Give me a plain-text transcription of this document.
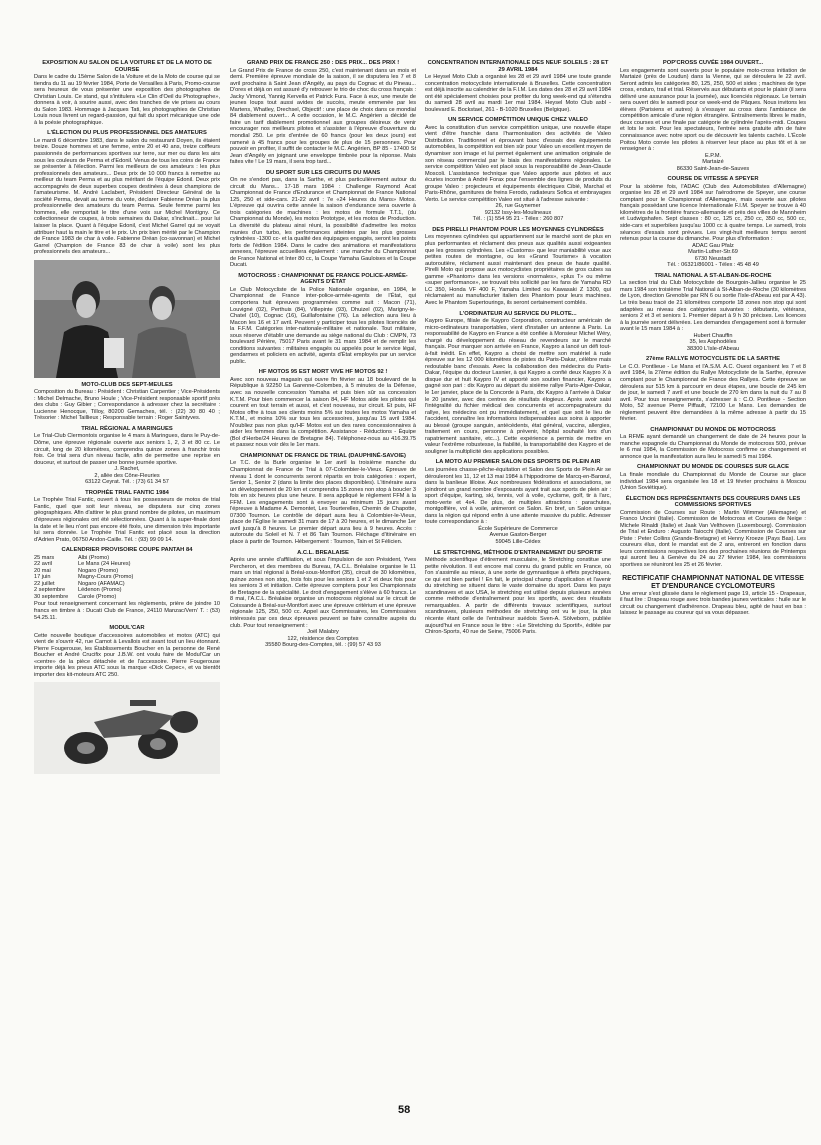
EXPOSITION AU SALON DE LA VOITURE ET DE LA MOTO DE COURSE

Dans le cadre du 15ème Salon de la Voiture et de la Moto de course qui se tiendra du 11 au 19 février 1984, Porte de Versailles à Paris, Promo-course sera heureux de vous présenter une exposition des photographes de Christian Louis. Ce stand, qui s'intitulera «Le Clin d'Oeil du Photographe», donnera à voir, à sourire aussi, avec des tranches de vie prises au cours du Salon 1983. Hommage à Jacques Tati, les photographies de Christian Louis nous livrent un regard-passion, qui fait du sport mécanique une ode à la poésie photographique.

L'ÉLECTION DU PLUS PROFESSIONNEL DES AMATEURS

Le mardi 6 décembre 1983, dans le salon du restaurant Doyen, ils étaient treize. Douze hommes et une femme, entre 20 et 40 ans, treize coiffeurs passionnés de performances sportives sur terre, sur mer ou dans les airs sous les couleurs de Perma et d'Edonil. Venus de tous les coins de France se présenter à l'élection. Parmi les meilleurs de ces amateurs : les plus professionnels des amateurs... Deux prix de 10 000 francs à remettre au meilleur du team Perma et au plus méritant de l'équipe Edonil. Deux prix accompagnés de deux superbes coupes destinées à deux champions de l'amateurisme. M. André Laclabert, Président Directeur Général de la société Perma, devait au terme du vote, déclarer Fabienne Dréan la plus professionnelle des amateurs du team Perma. Seule femme parmi les hommes, elle remportait le titre d'une voix sur Michel Montigny. Ce collectionneur de coupes, à trois semaines du Dakar, s'inclinait... pour lui laisser la place. Quant à l'équipe Edonil, c'est Michel Garrel qui se voyait attribuer haut la main le titre et le prix. Un prix bien mérité par le Champion de France 1983 de char à voile. Fabienne Dréan (co-savonnan) et Michel Garrel (Champion de France 83 de char à voile) sont les plus professionnels des amateurs...

MOTO-CLUB DES SEPT-MEULES

Composition du Bureau : Président : Christian Carpentier ; Vice-Présidents : Michel Delmache, Bruno Houle ; Vice-Président responsable sportif près des clubs : Guy Gibier ; Correspondance à adresser chez la secrétaire : Lucienne Henocque, Tilloy, 80200 Gemaches, tél. : (22) 30 80 40 ; Trésorier : Michel Taillieux ; Responsable terrain : Roger Saintyves.

TRIAL RÉGIONAL A MARINGUES

Le Trial-Club Clermontois organise le 4 mars à Maringues, dans le Puy-de-Dôme, une épreuve régionale ouverte aux seniors 1, 2, 3 et 80 cc. Le circuit, long de 20 kilomètres, comprendra quinze zones à franchir trois fois. Ce trial sera d'un niveau facile, afin de permettre une reprise en douceur, et surtout de passer une bonne journée sportive.

J. Rachet,

2, allée des Cône-Fleuries

63122 Ceyrat. Tél. : (73) 61 34 57

TROPHÉE TRIAL FANTIC 1984

Le Trophée Trial Fantic, ouvert à tous les possesseurs de motos de trial Fantic, quel que soit leur niveau, se disputera sur cinq zones géographiques. Afin d'attirer le plus grand nombre de pilotes, un maximum d'épreuves régionales ont été sélectionnées. Quant à la super-finale dont la date et le lieu n'ont pas encore été fixés, une dimension très importante lui sera donnée. Le Trophée Trial Fantic est placé sous la direction d'Adrien Prato, 06750 Andon-Caille. Tél. : (93) 99 09 14.

CALENDRIER PROVISOIRE COUPE PANTAH 84
25 mars	Albi (Promo)
22 avril	Le Mans (24 Heures)
20 mai	Nogaro (Promo)
17 juin	Magny-Cours (Promo)
22 juillet	Nogaro (AFAMAC)
2 septembre	Lédenon (Promo)
30 septembre	Carole (Promo)

Pour tout renseignement concernant les règlements, prière de joindre 10 francs en timbre à : Ducati Club de France, 24110 Manzac/Vern' T. : (53) 54.25.11.

MODUL'CAR

Cette nouvelle boutique d'accessoires automobiles et motos (ATC) qui vient de s'ouvrir 42, rue Carnot à Levallois est avant tout un lieu étonnant. Pierre Fougerouse, les Établissements Boucher en la personne de René Boucher et André Crucifix pour J.B.W. ont voulu faire de Modul'Car un «centre» de la pièce détachée et de l'accessoire. Pierre Fougerouse importe déjà les pneus ATC sous la marque «Dick Cepec», et va bientôt importer des kit-moteurs ATC 250.

GRAND PRIX DE FRANCE 250 : DES PRIX... DES PRIX !

Le Grand Prix de France de cross 250, c'est maintenant dans un mois et demi. Première épreuve mondiale de la saison, il se disputera les 7 et 8 avril prochains à Saint Jean d'Angély, au pays du Cognac et du Pineau... D'ores et déjà on est assuré d'y retrouver le trio de choc du cross français : Jacky Vimond, Yannig Kervella et Patrick Fura. Face à eux, une meute de jeunes loups tout aussi avides de succès, meute emmenée par les Martens, Whatley, Drechsel, Objectif : une place de choix dans ce mondial 84 diablement ouvert... A cette occasion, le M.C. Angérien a décidé de faire un tarif diablement promotionnel aux groupes désireux de venir encourager nos meilleurs pilotes et s'assister à l'épreuve d'ouverture du mondial 250. Le prix d'entrée de 60 francs (pour les deux jours) est ramené à 45 francs pour les groupes de plus de 15 personnes. Pour pouvoir en profiter, il suffit de contacter le M.C. Angérien, BP 85 - 17400 St Jean d'Angély en joignant une enveloppe timbrée pour la réponse. Mais faites vite ! Le 19 mars, il sera trop tard...

DU SPORT SUR LES CIRCUITS DU MANS

On ne s'endort pas, dans la Sarthe, et plus particulièrement autour du circuit du Mans... 17-18 mars 1984 : Challenge Raymond Acat Championnat de France d'Endurance et Championnat de France National 125, 250 et side-cars. 21-22 avril : 7e «24 Heures du Mans» Motos. L'épreuve qui ouvrira cette année la saison d'endurance sera ouverte à trois catégories de machines : les motos de formule T.T.1, (du Championnat du Monde), les motos Prototype, et les motos de Production. La diversité du plateau ainsi réuni, la possibilité d'admettre les motos munies d'un turbo, les performances atteintes par les plus grosses cylindrées -1300 cc- et la qualité des équipages engagés, seront les points forts de l'édition 1984. Dans le cadre des animations et manifestations annexes, l'épreuve accueillera également : une manche du Championnat de France National et Inter 80 cc, la Coupe Yamaha Gauloises et la Coupe Ducati.

MOTOCROSS : CHAMPIONNAT DE FRANCE POLICE-ARMÉE-AGENTS D'ÉTAT

Le Club Motocycliste de la Police Nationale organise, en 1984, le Championnat de France inter-police-armée-agents de l'État, qui comportera huit épreuves programmées comme suit : Macon (71), Louvigné (02), Perthuis (84), Villepinte (93), Dhuizel (02), Marigny-le-Chatel (10), Cognac (16), Guillafontaine (76). La sélection aura lieu à Macon les 16 et 17 avril. Peuvent y participer tous les pilotes licenciés de la F.F.M. Catégories inter-nationale-militaire et nationale. Tout militaire, sous réserve d'établir une demande au siège national du Club : CMPN, 73 boulevard Périère, 75017 Paris avant le 31 mars 1984 et de remplir les conditions suivantes : militaires engagés ou appelés pour le service légal, gendarmes et policiers en activité, agents d'État employés par un service public.

HF MOTOS 95 EST MORT VIVE HF MOTOS 92 !

Avec son nouveau magasin qui ouvre fin février au 18 boulevard de la République à 92250 La Garenne-Colombes, à 5 minutes de la Défense, avec sa nouvelle concession Yamaha et puis bien sûr sa concession K.T.M. Pour bien commencer la saison 84, HF Motos aide les pilotes qui courent en tout terrain et aussi, et c'est nouveau, sur circuit. Et puis, HF Motos offre à tous ses clients moins 5% sur toutes les motos Yamaha et K.T.M., et moins 10% sur tous les accessoires, jusqu'au 15 avril 1984. N'oubliez pas non plus qu'HF Motos est un des rares concessionnaires à aider les femmes dans la compétition. Assistance - Réductions - Équipe (Bol d'Herbe/24 Heures de Bretagne 84). Téléphonez-nous au 416.39.75 et passez nous voir dès le 1er mars.

CHAMPIONNAT DE FRANCE DE TRIAL (DAUPHINÉ-SAVOIE)

Le T.C. de la Burle organise le 1er avril la troisième manche du Championnat de France de Trial à 07-Colombier-le-Vieux. Épreuve de niveau 1 dont le concurrents seront répartis en trois catégories : expert, Senior 1, Senior 2 (dans la limite des places disponibles). L'itinéraire aura un développement de 20 km et comprendra 15 zones non stop à boucler 3 fois en six heures plus une heure. Il sera appliqué le règlement FFM à la FFM. Les engagements sont à envoyer au minimum 15 jours avant l'épreuve à Madame A. Demontet, Les Tourterelles, Chemin de Chapotte, 07300 Tournon. Le contrôle de départ aura lieu à Colombier-le-Vieux, place de l'Église le samedi 31 mars de 17 à 20 heures, et le dimanche 1er avril jusqu'à 8 heures. Le premier départ aura lieu à 9 heures. Accès : autoroute du Soleil et N. 7 et 86 Tain Tournon. Fléchage d'itinéraire en place à partir de Tournon. Hébergement : Tournon, Tain et St Félicien.

A.C.L. BREALAISE

Après une année d'affiliation, et sous l'impulsion de son Président, Yves Percheron, et des membres du Bureau, l'A.C.L. Bréalaise organise le 11 mars un trial régional à Bréal-sous-Montfort (35), circuit de 30 kilomètres, quinze zones non stop, trois fois pour les seniors 1 et 2 et deux fois pour les seniors 3 et initiation. Cette épreuve comptera pour les Championnats de Bretagne de la spécialité. Le droit d'engagement s'élève à 60 francs. Le 8 mai, l'A.C.L. Bréalaise organise un motocross régional sur le circuit de Coissande à Bréal-sur-Montfort avec une épreuve critérium et une épreuve régionale 125, 250, 500 cc. Appel aux Commissaires, les Commissaires intéressés par ces deux épreuves peuvent se faire connaître auprès du club. Pour tout renseignement :

Joël Malabry

122, résidence des Comptes

35580 Bourg-des-Comptes, tél. : (99) 57 43 93

CONCENTRATION INTERNATIONALE DES NEUF SOLEILS : 28 ET 29 AVRIL 1984

Le Heysel Moto Club a organisé les 28 et 29 avril 1984 une toute grande concentration motocycliste internationale à Bruxelles. Cette concentration est déjà inscrite au calendrier de la F.I.M. Les dates des 28 et 29 avril 1984 ont été spécialement choisies pour profiter du long week-end qui s'étendra du samedi 28 avril au mardi 1er mai 1984. Heysel Moto Club asbl - boulevard E. Bockstael, 261 - B-1020 Bruxelles (Belgique).

UN SERVICE COMPÉTITION UNIQUE CHEZ VALEO

Avec la constitution d'un service compétition unique, une nouvelle étape vient d'être franchie dans l'harmonisation des activités de Valeo Distribution. Traditionnel et éprouvant banc d'essais des équipements automobiles, la compétition est bien sûr pour Valeo un excellent moyen de dynamiser son image et lui permet également une animation originale de son réseau commercial par le biais des manifestations régionales. Le service compétition Valeo est placé sous la responsabilité de Jean-Claude Moscoli. L'assistance technique que Valeo apporte aux pilotes et aux écuries incombe à André Forax pour l'ensemble des lignes de produits du groupe Valeo : projecteurs et équipements électriques Cibié, Marchal et Paris-Rhône, garnitures de freins Ferodo, radiateurs Sofica et embrayages Verto. Le service compétition Valeo est situé à l'adresse suivante :

26, rue Guynemer

92132 Issy-les-Moulineaux

Tél. : (1) 554 95 21 - Télex : 260 807

DES PIRELLI PHANTOM POUR LES MOYENNES CYLINDRÉES

Les moyennes cylindrées qui appartiennent sur le marché sont de plus en plus performantes et réclament des pneus aux qualités aussi exigeantes que les grosses cylindrées. Les «Customs» que leur maniabilité voue aux petites routes de montagne, ou les «Grand Tourisme» à vocation autoroutière, réclament aussi maintenant des pneus de haute qualité. Pirelli Moto qui propose aux motocyclistes propriétaires de gros cubes sa gamme «Phantom» dans les versions «normales», «plus T» ou même «super performance», se trouvait très sollicité par les fans de Yamaha RD LC 350, Honda VF 400 F, Yamaha Limited ou Kawasaki Z 1300, qui réclamaient au manufacturier italien des Phantom pour leurs machines. Avec le Phantom Supertourings, ils seront certainement comblés.

L'ORDINATEUR AU SERVICE DU PILOTE...

Kaypro Europe, filiale de Kaypro Corporation, constructeur américain de micro-ordinateurs transportables, vient d'installer un antenne à Paris. La responsabilité de Kaypro en France a été confiée à Monsieur Michel Wéry, chargé du développement du réseau de revendeurs sur le marché français. Pour marquer son arrivée en France, Kaypro a lancé un défi tout-à-fait inédit. En effet, Kaypro a choisi de mettre son matériel à rude épreuve sur les 12 000 kilomètres de pistes du Paris-Dakar, célèbre mais redoutable banc d'essais. Avec la collaboration des médecins du Paris-Dakar, l'équipe du docteur Lasnier, à qui Kaypro a confié deux Kaypro X à disque dur et huit Kaypro IV et apporté son soutien financier, Kaypro a gagné son pari : dix Kaypro au départ du sixième rallye Paris-Alger-Dakar, le 1er janvier, place de la Concorde à Paris, dix Kaypro à l'arrivée à Dakar le 20 janvier, avec des centres de résultats élogieux. Après avoir saisi l'intégralité du fichier médical des concurrents et accompagnateurs du rallye, les médecins ont pu immédiatement, et quel que soit le lieu de l'accident, connaître les informations indispensables aux soins à apporter au blessé (groupe sanguin, antécédents, état général, vaccins, allergies, traitement en cours, personne à prévenir, hôpital souhaité lors d'un rapatriement sanitaire, etc...). Cette expérience a permis de mettre en valeur l'extrême robustesse, la fiabilité, la transportabilité des Kaypro et de souligner la multiplicité des applications possibles.

LA MOTO AU PREMIER SALON DES SPORTS DE PLEIN AIR

Les journées chasse-pêche-équitation et Salon des Sports de Plein Air se dérouleront les 11, 12 et 13 mai 1984 à l'hippodrome de Marcq-en-Barœul, dans la banlieue lilloise. Aux nombreuses fédérations et associations, se joindront un grand nombre d'exposants ayant trait aux sports de plein air : sport d'équipe, karting, ski, tennis, vol à voile, cyclisme, golf, tir à l'arc, moto-verte et 4x4. De plus, de multiples attractions : parachutes, montgolfière, vol à voile, animeront ce Salon. En bref, un Salon unique dans la région qui répond enfin à une attente massive du public. Adresser toute correspondance à :

École Supérieure de Commerce

Avenue Gaston-Berger

59045 Lille-Cédex

LE STRETCHING, MÉTHODE D'ENTRAINEMENT DU SPORTIF

Méthode scientifique d'étirement musculaire, le Stretching constitue une petite révolution. Il est encore mal connu du grand public en France, où l'on s'assimile au mieux, à une sorte de gymnastique à effets psychiques, ce qui est bien partiel ! En fait, le principal champ d'application et l'avenir du stretching se situent dans le vaste domaine du sport. Dans les pays scandinaves et aux USA, le stretching est utilisé depuis plusieurs années comme méthode d'entraînement pour les sportifs, avec des résultats remarquables. A partir de différents travaux scientifiques, surtout scandinaves, plusieurs méthodes de stretching ont vu le jour, la plus récente étant celle de l'entraîneur suédois Sven-A. Sölveborn, publiée aujourd'hui en France sous le titre : «Le Stretching du Sportif», éditée par Chiron-Sports, 40 rue de Seine, 75006 Paris.

POP'CROSS CUVÉE 1984 OUVERT...

Les engagements sont ouverts pour le populaire moto-cross initiation de Martaizé (près de Loudun) dans la Vienne, qui se déroulera le 22 avril. Seront admis les catégories 80, 125, 250, 500 et sides ; machines de type cross, enduro, trail et trial. Réservés aux débutants et pour le plaisir (il sera délivré une assurance pour la journée), aux licenciés régionaux. Le terrain sera ouvert dès le samedi pour ce week-end de Pâques. Nous invitons les élèves (Parisiens et autres) à s'essayer au cross dans l'ambiance de compétition amicale d'une région étrangère. Entraînements libres le matin, deux courses et une finale par catégorie de cylindrée l'après-midi. Coupes et lots le soir. Pour les spectateurs, l'entrée sera gratuite afin de faire connaissance avec notre sport ou de découvrir les talents cachés. L'École Poitou Moto convie les pilotes à réserver leur place au plus tôt et à se renseigner à :

E.P.M.

Martaizé

86330 Saint-Jean-de-Sauves

COURSE DE VITESSE A SPEYER

Pour la sixième fois, l'ADAC (Club des Automobilistes d'Allemagne) organise les 28 et 29 avril 1984 sur l'aérodrome de Speyer, une course comptant pour le Championnat d'Allemagne, mais ouverte aux pilotes français possédant une licence Internationale F.I.M. Speyer se trouve à 40 kilomètres de la frontière franco-allemande et près des villes de Mannheim et Ludwigshafen. Sept classes : 80 cc, 125 cc, 250 cc, 350 cc, 500 cc, side-cars et superbikes jusqu'au 1000 cc à quatre temps. Le samedi, trois séances d'essais sont prévues. Les vingt-huit meilleurs temps seront retenus pour la course du dimanche. Pour plus d'information :

ADAC Gau Pfalz

Martin-Luther-Str.69

6730 Neustadt

Tél. : 06321/86001 - Télex : 45 48 49

TRIAL NATIONAL A ST-ALBAN-DE-ROCHE

La section trial du Club Motocycliste de Bourgoin-Jallieu organise le 25 mars 1984 son troisième Trial National à St-Alban-de-Roche (30 kilomètres de Lyon, direction Grenoble par RN 6 ou sortie l'Isle-d'Abeau est par A 43). Le très beau tracé de 21 kilomètres comporte 18 zones non stop qui sont adaptées au niveau des catégories suivantes : débutants, vétérans, seniors 2 et 3 et seniors 1. Premier départ à 9 h 30 précises. Les licences à la journée seront délivrées. Les demandes d'engagement sont à formuler avant le 15 mars 1984 à :

Hubert Chauffin

35, les Asphodèles

38300 L'Isle-d'Abeau

27ème RALLYE MOTOCYCLISTE DE LA SARTHE

Le C.O. Pontlieue - Le Mans et l'A.S.M. A.C. Ouest organisent les 7 et 8 avril 1984, la 27ème édition du Rallye Motocycliste de la Sarthe, épreuve comptant pour le Championnat de France des Rallyes. Cette épreuve se déroulera sur 515 km à parcourir en deux étapes, une boucle de 245 km de jour, le samedi 7 avril et une boucle de 270 km dans la nuit du 7 au 8 avril. Pour tous renseignements, s'adresser à : C.O. Pontlieue - Section Moto, 52 avenue Pierre Piffault, 72100 Le Mans. Les demandes de règlement peuvent être demandées à la même adresse à partir du 15 février.

CHAMPIONNAT DU MONDE DE MOTOCROSS

La RFME ayant demandé un changement de date de 24 heures pour la manche espagnole du Championnat du Monde de motocross 500, prévue le 6 mai 1984, la Commission de Motocross confirme ce changement et annonce que la manifestation aura lieu le samedi 5 mai 1984.

CHAMPIONNAT DU MONDE DE COURSES SUR GLACE

La finale mondiale du Championnat du Monde de Course sur glace individuel 1984 sera organisée les 18 et 19 février prochains à Moscou (Union Soviétique).

ÉLECTION DES REPRÉSENTANTS DES COUREURS DANS LES COMMISSIONS SPORTIVES

Commission de Courses sur Route : Martin Wimmer (Allemagne) et Franco Uncini (Italie). Commission de Motocross et Courses de Neige : Michele Rinaldi (Italie) et Jaak Van Velthoven (Luxembourg). Commission de Trial et Enduro : Augusto Taiocchi (Italie). Commission de Courses sur Piste : Peter Collins (Grande-Bretagne) et Henny Kroeze (Pays Bas). Les coureurs élus, dont le mandat est de 2 ans, entreront en fonction dans leurs commissions respectives lors des prochaines réunions de Printemps qui auront lieu à Genève du 24 au 27 février 1984, les commissions sportives se réuniront les 25 et 26 février.

RECTIFICATIF CHAMPIONNAT NATIONAL DE VITESSE ET D'ENDURANCE CYCLOMOTEURS

Une erreur s'est glissée dans le règlement page 19, article 15 - Drapeaux, il faut lire : Drapeau rouge avec trois bandes jaunes verticales : huile sur le circuit ou changement d'adhérence. Drapeau bleu, agité de haut en bas : laissez le passage au coureur qui va vous dépasser.

58
